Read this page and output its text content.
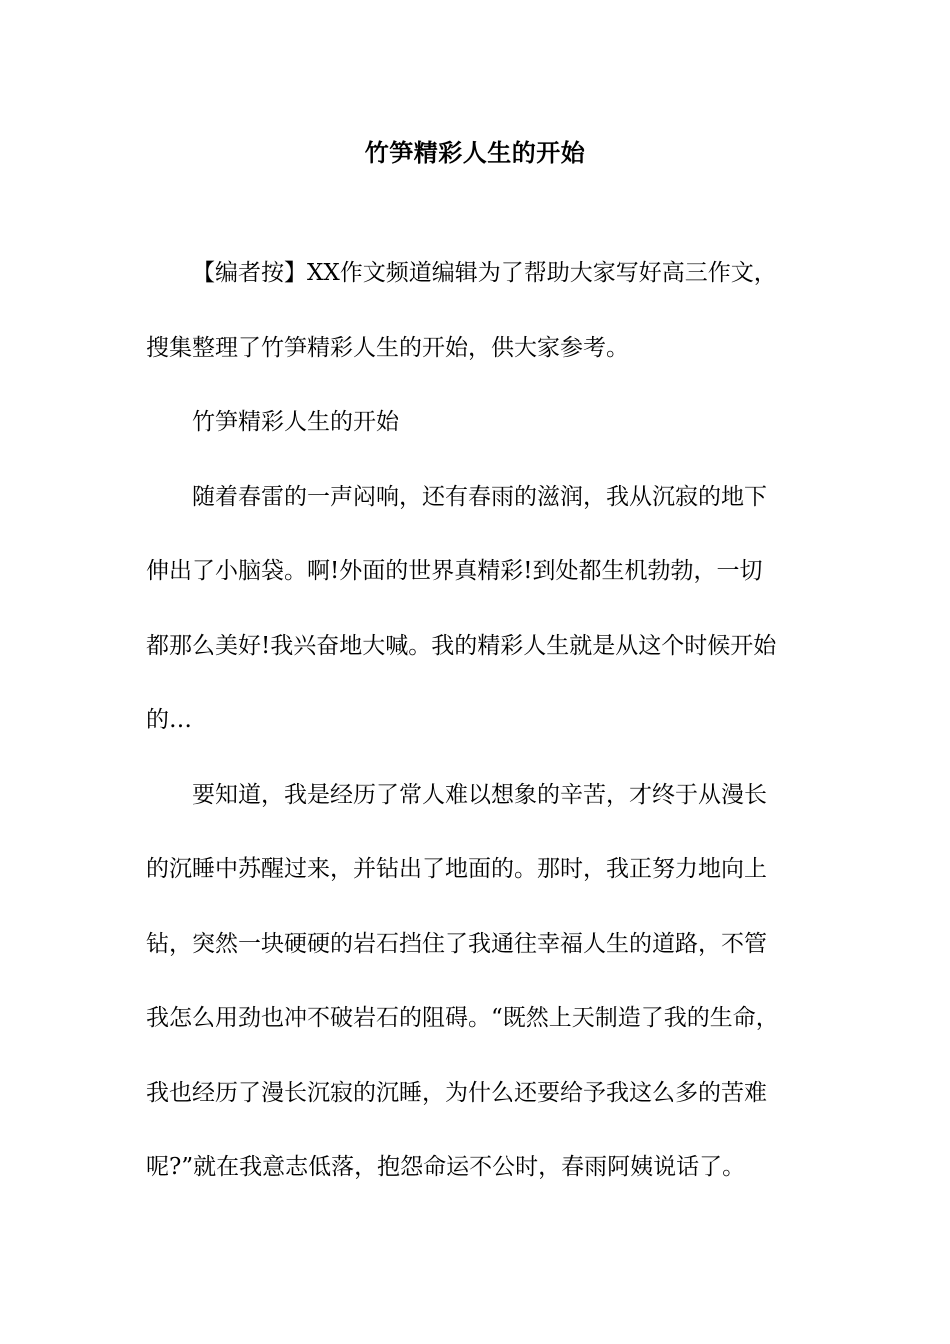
竹笋精彩人生的开始
【编者按】XX作文频道编辑为了帮助大家写好高三作文，
搜集整理了竹笋精彩人生的开始，供大家参考。
竹笋精彩人生的开始
随着春雷的一声闷响，还有春雨的滋润，我从沉寂的地下
伸出了小脑袋。啊!外面的世界真精彩!到处都生机勃勃，一切
都那么美好!我兴奋地大喊。我的精彩人生就是从这个时候开始
的…
要知道，我是经历了常人难以想象的辛苦，才终于从漫长
的沉睡中苏醒过来，并钻出了地面的。那时，我正努力地向上
钻，突然一块硬硬的岩石挡住了我通往幸福人生的道路，不管
我怎么用劲也冲不破岩石的阻碍。“既然上天制造了我的生命，
我也经历了漫长沉寂的沉睡，为什么还要给予我这么多的苦难
呢?”就在我意志低落，抱怨命运不公时，春雨阿姨说话了。
